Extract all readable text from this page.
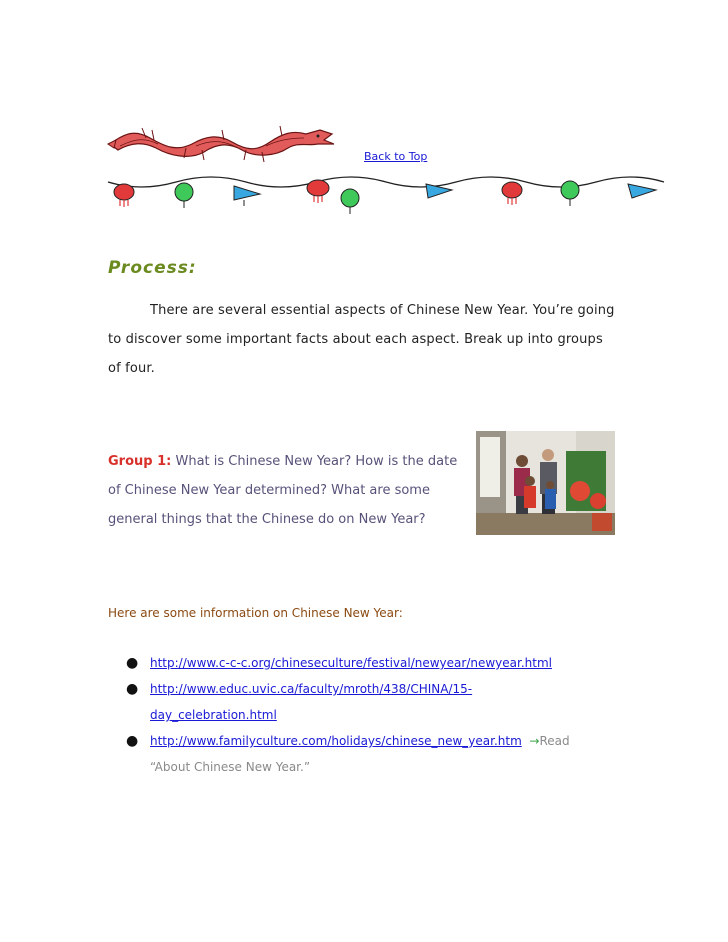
Back to Top
Process:
There are several essential aspects of Chinese New Year. You’re going to discover some important facts about each aspect. Break up into groups of four.
Group 1: What is Chinese New Year? How is the date of Chinese New Year determined? What are some general things that the Chinese do on New Year?
Here are some information on Chinese New Year:
● http://www.c-c-c.org/chineseculture/festival/newyear/newyear.html
● http://www.educ.uvic.ca/faculty/mroth/438/CHINA/15-
day_celebration.html
● http://www.familyculture.com/holidays/chinese_new_year.htm  →Read
“About Chinese New Year.”
